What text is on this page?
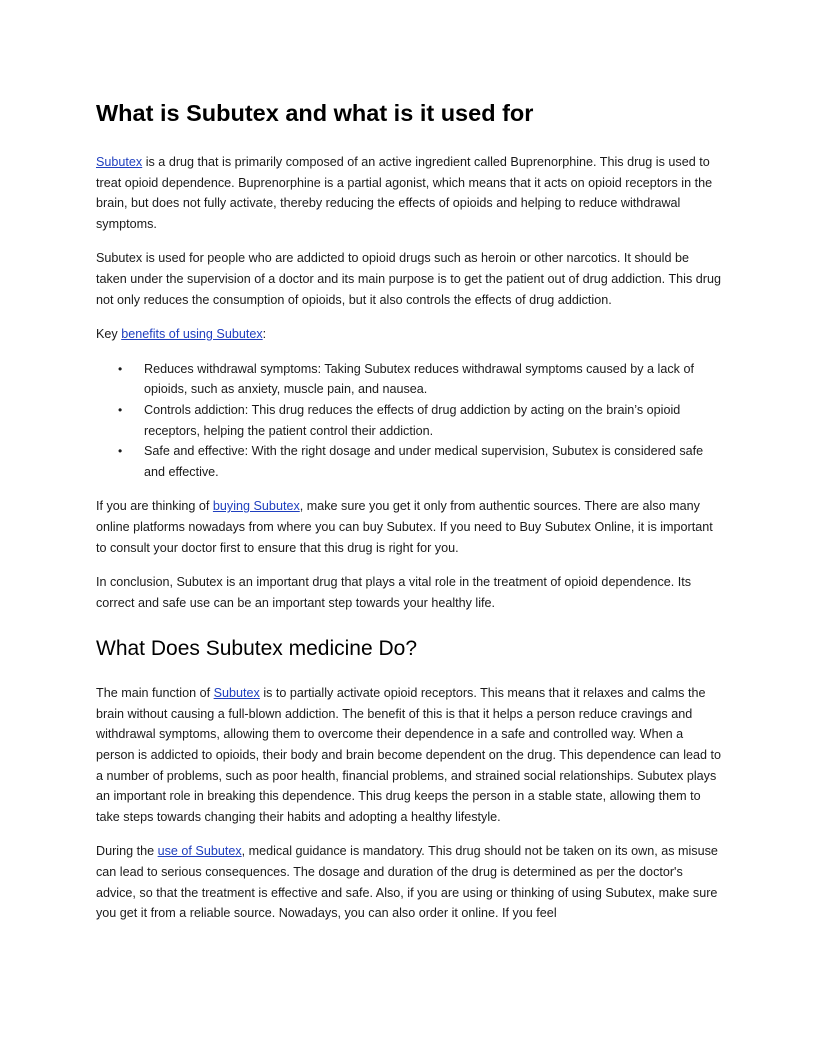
What is Subutex and what is it used for

Subutex is a drug that is primarily composed of an active ingredient called Buprenorphine. This drug is used to treat opioid dependence. Buprenorphine is a partial agonist, which means that it acts on opioid receptors in the brain, but does not fully activate, thereby reducing the effects of opioids and helping to reduce withdrawal symptoms.

Subutex is used for people who are addicted to opioid drugs such as heroin or other narcotics. It should be taken under the supervision of a doctor and its main purpose is to get the patient out of drug addiction. This drug not only reduces the consumption of opioids, but it also controls the effects of drug addiction.

Key benefits of using Subutex:

• Reduces withdrawal symptoms: Taking Subutex reduces withdrawal symptoms caused by a lack of opioids, such as anxiety, muscle pain, and nausea.
• Controls addiction: This drug reduces the effects of drug addiction by acting on the brain’s opioid receptors, helping the patient control their addiction.
• Safe and effective: With the right dosage and under medical supervision, Subutex is considered safe and effective.

If you are thinking of buying Subutex, make sure you get it only from authentic sources. There are also many online platforms nowadays from where you can buy Subutex. If you need to Buy Subutex Online, it is important to consult your doctor first to ensure that this drug is right for you.

In conclusion, Subutex is an important drug that plays a vital role in the treatment of opioid dependence. Its correct and safe use can be an important step towards your healthy life.

What Does Subutex medicine Do?

The main function of Subutex is to partially activate opioid receptors. This means that it relaxes and calms the brain without causing a full-blown addiction. The benefit of this is that it helps a person reduce cravings and withdrawal symptoms, allowing them to overcome their dependence in a safe and controlled way. When a person is addicted to opioids, their body and brain become dependent on the drug. This dependence can lead to a number of problems, such as poor health, financial problems, and strained social relationships. Subutex plays an important role in breaking this dependence. This drug keeps the person in a stable state, allowing them to take steps towards changing their habits and adopting a healthy lifestyle.

During the use of Subutex, medical guidance is mandatory. This drug should not be taken on its own, as misuse can lead to serious consequences. The dosage and duration of the drug is determined as per the doctor's advice, so that the treatment is effective and safe. Also, if you are using or thinking of using Subutex, make sure you get it from a reliable source. Nowadays, you can also order it online. If you feel
